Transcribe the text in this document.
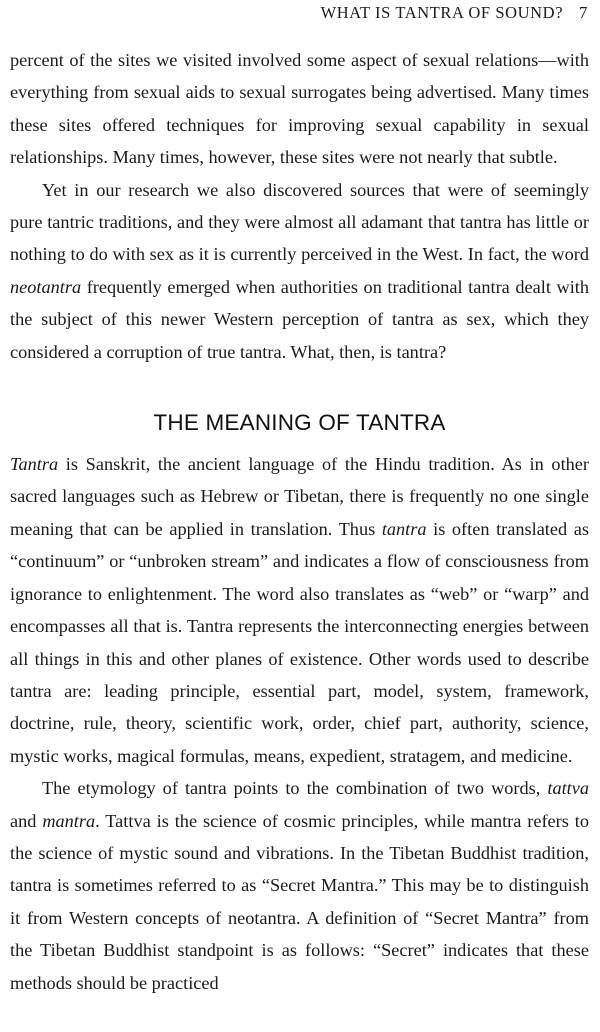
WHAT IS TANTRA OF SOUND? 7

percent of the sites we visited involved some aspect of sexual relations—with everything from sexual aids to sexual surrogates being advertised. Many times these sites offered techniques for improving sexual capability in sexual relationships. Many times, however, these sites were not nearly that subtle.

Yet in our research we also discovered sources that were of seemingly pure tantric traditions, and they were almost all adamant that tantra has little or nothing to do with sex as it is currently perceived in the West. In fact, the word neotantra frequently emerged when authorities on traditional tantra dealt with the subject of this newer Western perception of tantra as sex, which they considered a corruption of true tantra. What, then, is tantra?

THE MEANING OF TANTRA

Tantra is Sanskrit, the ancient language of the Hindu tradition. As in other sacred languages such as Hebrew or Tibetan, there is frequently no one single meaning that can be applied in translation. Thus tantra is often translated as “continuum” or “unbroken stream” and indicates a flow of consciousness from ignorance to enlightenment. The word also translates as “web” or “warp” and encompasses all that is. Tantra represents the interconnecting energies between all things in this and other planes of existence. Other words used to describe tantra are: leading principle, essential part, model, system, framework, doctrine, rule, theory, scientific work, order, chief part, authority, science, mystic works, magical formulas, means, expedient, stratagem, and medicine.

The etymology of tantra points to the combination of two words, tattva and mantra. Tattva is the science of cosmic principles, while mantra refers to the science of mystic sound and vibrations. In the Tibetan Buddhist tradition, tantra is sometimes referred to as “Secret Mantra.” This may be to distinguish it from Western concepts of neotantra. A definition of “Secret Mantra” from the Tibetan Buddhist standpoint is as follows: “Secret” indicates that these methods should be practiced
